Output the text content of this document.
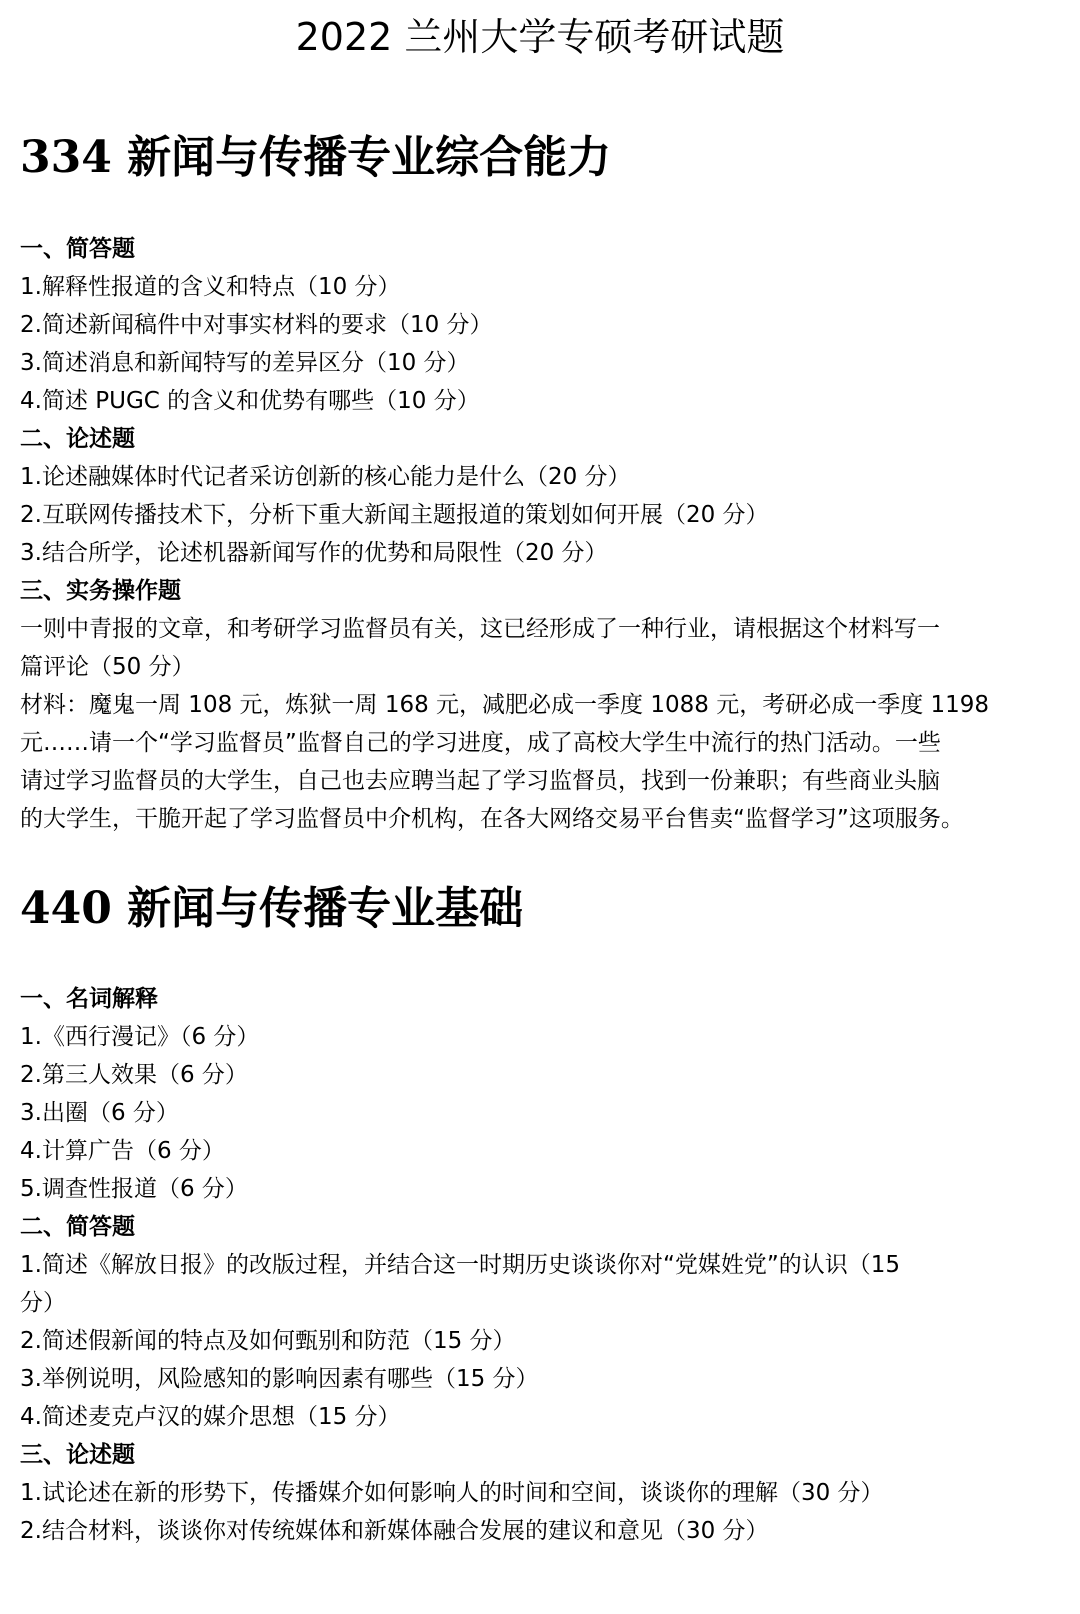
2022 兰州大学专硕考研试题
334 新闻与传播专业综合能力
一、简答题
1.解释性报道的含义和特点（10 分）
2.简述新闻稿件中对事实材料的要求（10 分）
3.简述消息和新闻特写的差异区分（10 分）
4.简述 PUGC 的含义和优势有哪些（10 分）
二、论述题
1.论述融媒体时代记者采访创新的核心能力是什么（20 分）
2.互联网传播技术下，分析下重大新闻主题报道的策划如何开展（20 分）
3.结合所学，论述机器新闻写作的优势和局限性（20 分）
三、实务操作题
一则中青报的文章，和考研学习监督员有关，这已经形成了一种行业，请根据这个材料写一
篇评论（50 分）
材料：魔鬼一周 108 元，炼狱一周 168 元，减肥必成一季度 1088 元，考研必成一季度 1198
元……请一个“学习监督员”监督自己的学习进度，成了高校大学生中流行的热门活动。一些
请过学习监督员的大学生，自己也去应聘当起了学习监督员，找到一份兼职；有些商业头脑
的大学生，干脆开起了学习监督员中介机构，在各大网络交易平台售卖“监督学习”这项服务。
440 新闻与传播专业基础
一、名词解释
1.《西行漫记》（6 分）
2.第三人效果（6 分）
3.出圈（6 分）
4.计算广告（6 分）
5.调查性报道（6 分）
二、简答题
1.简述《解放日报》的改版过程，并结合这一时期历史谈谈你对“党媒姓党”的认识（15
分）
2.简述假新闻的特点及如何甄别和防范（15 分）
3.举例说明，风险感知的影响因素有哪些（15 分）
4.简述麦克卢汉的媒介思想（15 分）
三、论述题
1.试论述在新的形势下，传播媒介如何影响人的时间和空间，谈谈你的理解（30 分）
2.结合材料，谈谈你对传统媒体和新媒体融合发展的建议和意见（30 分）
